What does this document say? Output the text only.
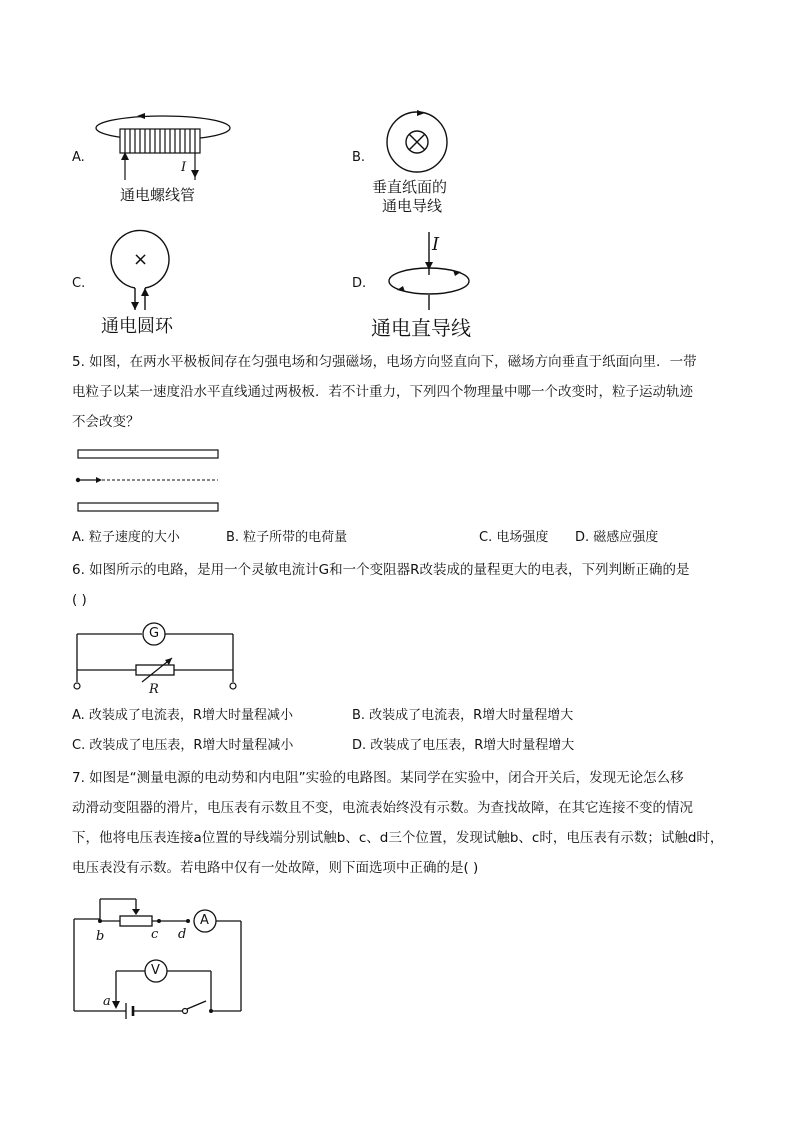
A.
I
通电螺线管
B.
垂直纸面的
通电导线
C.
×
通电圆环
D.
I
通电直导线
5. 如图，在两水平极板间存在匀强电场和匀强磁场，电场方向竖直向下，磁场方向垂直于纸面向里．一带
电粒子以某一速度沿水平直线通过两极板．若不计重力，下列四个物理量中哪一个改变时，粒子运动轨迹
不会改变？
A. 粒子速度的大小	B. 粒子所带的电荷量	C. 电场强度 D. 磁感应强度
6. 如图所示的电路，是用一个灵敏电流计G和一个变阻器R改装成的量程更大的电表，下列判断正确的是
( )
G
R
A. 改装成了电流表，R增大时量程减小	B. 改装成了电流表，R增大时量程增大
C. 改装成了电压表，R增大时量程减小	D. 改装成了电压表，R增大时量程增大
7. 如图是“测量电源的电动势和内电阻”实验的电路图。某同学在实验中，闭合开关后，发现无论怎么移
动滑动变阻器的滑片，电压表有示数且不变，电流表始终没有示数。为查找故障，在其它连接不变的情况
下，他将电压表连接a位置的导线端分别试触b、c、d三个位置，发现试触b、c时，电压表有示数；试触d时，
电压表没有示数。若电路中仅有一处故障，则下面选项中正确的是( )
A
V
a
b	c d
